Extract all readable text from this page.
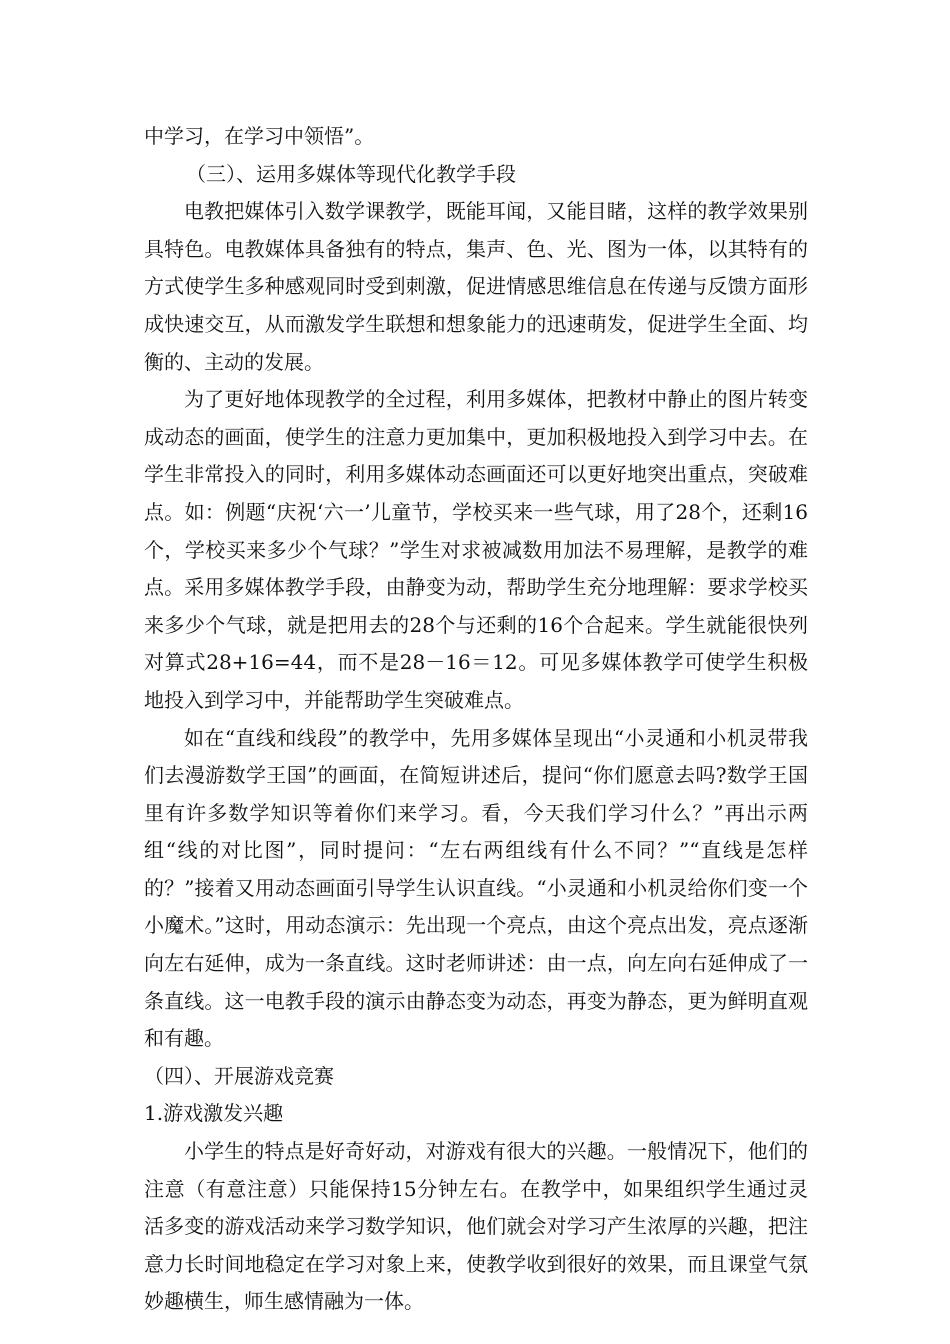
中学习，在学习中领悟”。

（三）、运用多媒体等现代化教学手段

电教把媒体引入数学课教学，既能耳闻，又能目睹，这样的教学效果别具特色。电教媒体具备独有的特点，集声、色、光、图为一体，以其特有的方式使学生多种感观同时受到刺激，促进情感思维信息在传递与反馈方面形成快速交互，从而激发学生联想和想象能力的迅速萌发，促进学生全面、均衡的、主动的发展。

为了更好地体现教学的全过程，利用多媒体，把教材中静止的图片转变成动态的画面，使学生的注意力更加集中，更加积极地投入到学习中去。在学生非常投入的同时，利用多媒体动态画面还可以更好地突出重点，突破难点。如：例题“庆祝‘六一’儿童节，学校买来一些气球，用了28个，还剩16个，学校买来多少个气球？”学生对求被减数用加法不易理解，是教学的难点。采用多媒体教学手段，由静变为动，帮助学生充分地理解：要求学校买来多少个气球，就是把用去的28个与还剩的16个合起来。学生就能很快列对算式28+16=44，而不是28－16＝12。可见多媒体教学可使学生积极地投入到学习中，并能帮助学生突破难点。

如在“直线和线段”的教学中，先用多媒体呈现出“小灵通和小机灵带我们去漫游数学王国”的画面，在简短讲述后，提问“你们愿意去吗?数学王国里有许多数学知识等着你们来学习。看，今天我们学习什么？”再出示两组“线的对比图”，同时提问：“左右两组线有什么不同？”“直线是怎样的？”接着又用动态画面引导学生认识直线。“小灵通和小机灵给你们变一个小魔术。”这时，用动态演示：先出现一个亮点，由这个亮点出发，亮点逐渐向左右延伸，成为一条直线。这时老师讲述：由一点，向左向右延伸成了一条直线。这一电教手段的演示由静态变为动态，再变为静态，更为鲜明直观和有趣。

（四）、开展游戏竞赛

1.游戏激发兴趣

小学生的特点是好奇好动，对游戏有很大的兴趣。一般情况下，他们的注意（有意注意）只能保持15分钟左右。在教学中，如果组织学生通过灵活多变的游戏活动来学习数学知识，他们就会对学习产生浓厚的兴趣，把注意力长时间地稳定在学习对象上来，使教学收到很好的效果，而且课堂气氛妙趣横生，师生感情融为一体。
